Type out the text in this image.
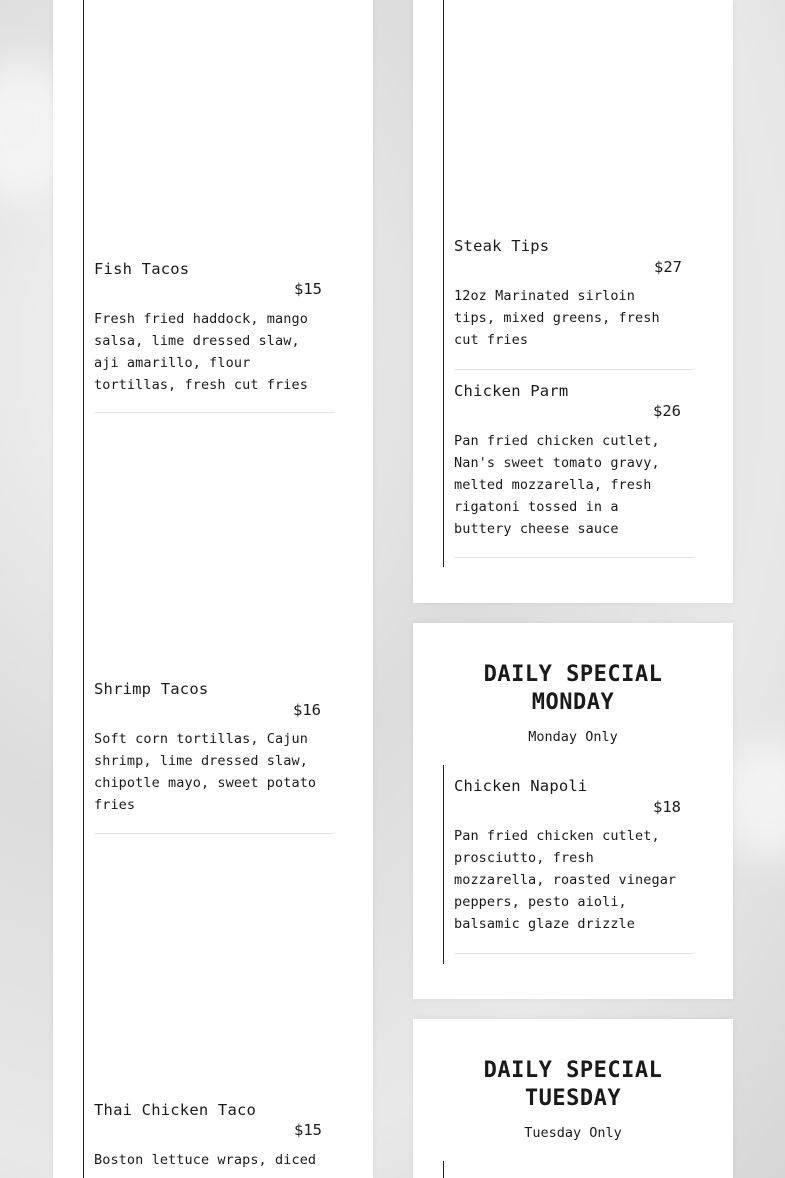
Fish Tacos
$15
Fresh fried haddock, mango salsa, lime dressed slaw, aji amarillo, flour tortillas, fresh cut fries
Shrimp Tacos
$16
Soft corn tortillas, Cajun shrimp, lime dressed slaw, chipotle mayo, sweet potato fries
Thai Chicken Taco
$15
Boston lettuce wraps, diced
Steak Tips
$27
12oz Marinated sirloin tips, mixed greens, fresh cut fries
Chicken Parm
$26
Pan fried chicken cutlet, Nan's sweet tomato gravy, melted mozzarella, fresh rigatoni tossed in a buttery cheese sauce
DAILY SPECIAL
MONDAY
Monday Only
Chicken Napoli
$18
Pan fried chicken cutlet, prosciutto, fresh mozzarella, roasted vinegar peppers, pesto aioli, balsamic glaze drizzle
DAILY SPECIAL
TUESDAY
Tuesday Only
